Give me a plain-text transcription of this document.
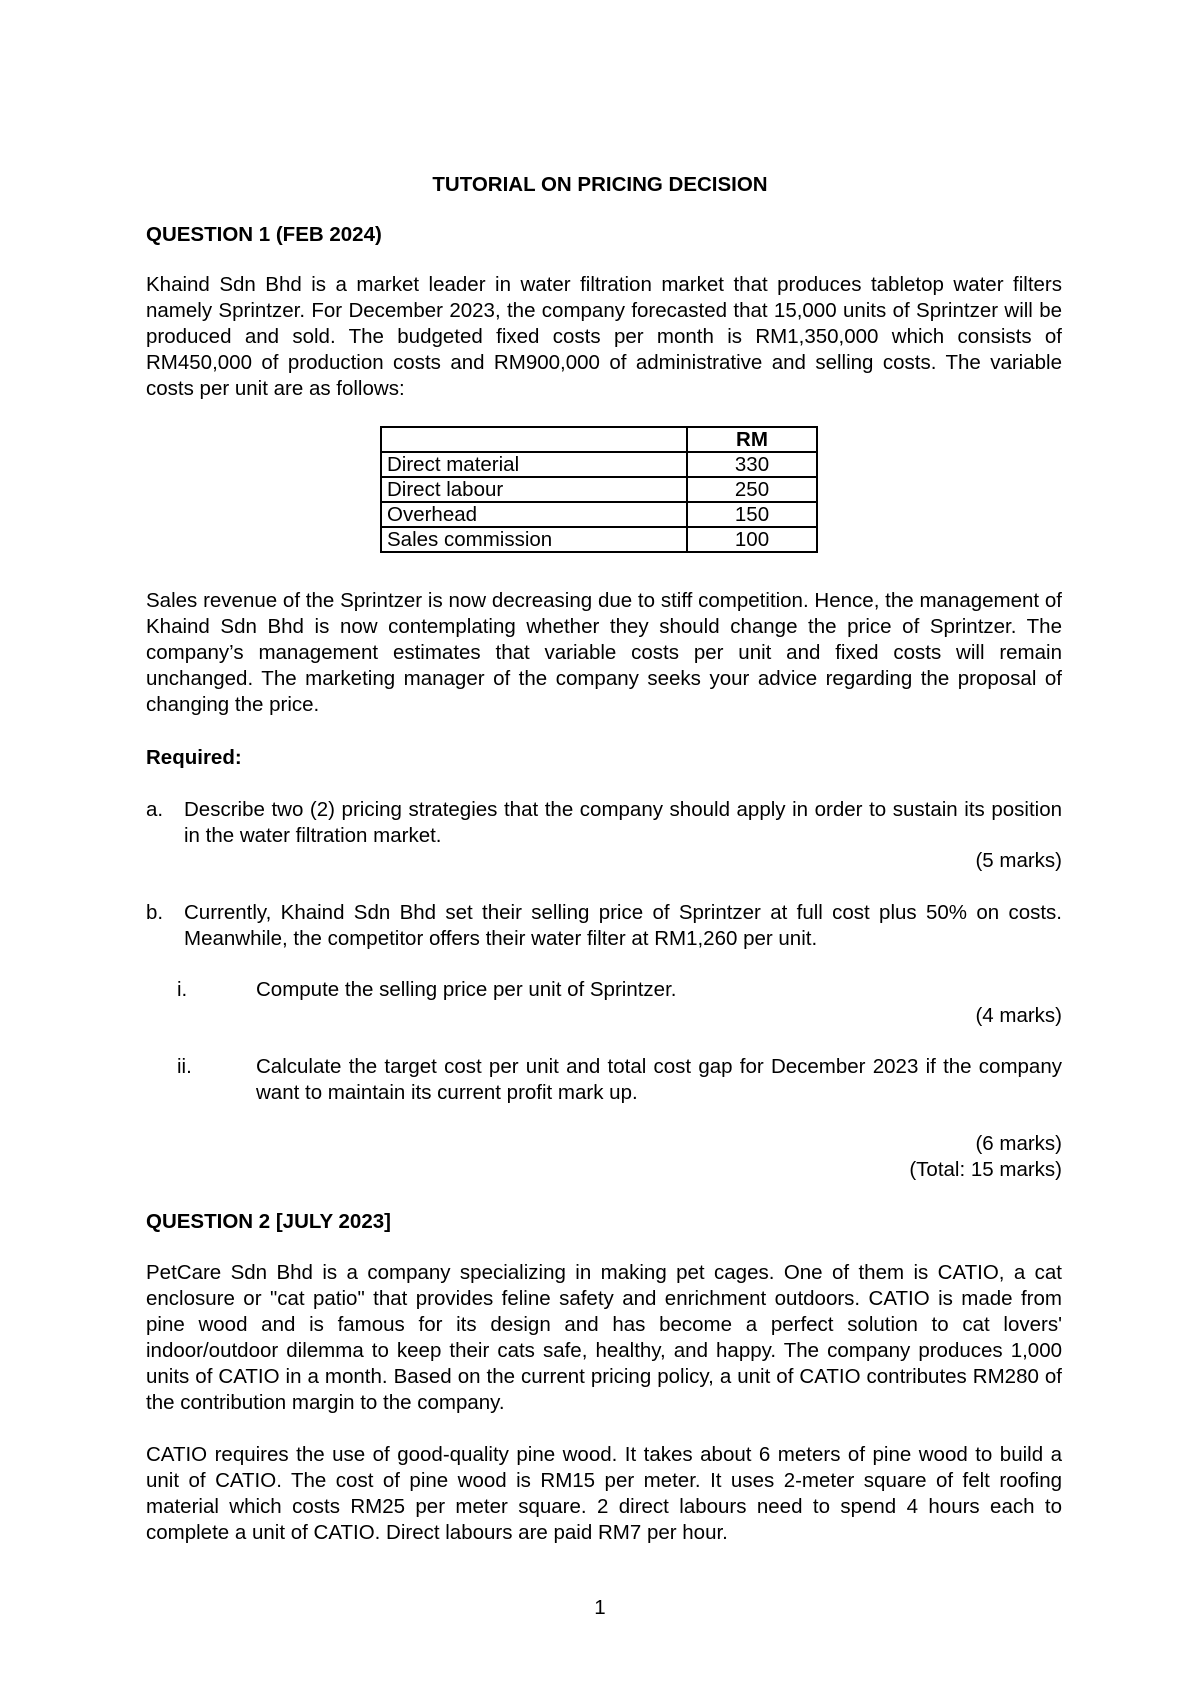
TUTORIAL ON PRICING DECISION
QUESTION 1 (FEB 2024)
Khaind Sdn Bhd is a market leader in water filtration market that produces tabletop water filters namely Sprintzer. For December 2023, the company forecasted that 15,000 units of Sprintzer will be produced and sold. The budgeted fixed costs per month is RM1,350,000 which consists of RM450,000 of production costs and RM900,000 of administrative and selling costs. The variable costs per unit are as follows:
	RM
Direct material	330
Direct labour	250
Overhead	150
Sales commission	100
Sales revenue of the Sprintzer is now decreasing due to stiff competition. Hence, the management of Khaind Sdn Bhd is now contemplating whether they should change the price of Sprintzer. The company’s management estimates that variable costs per unit and fixed costs will remain unchanged. The marketing manager of the company seeks your advice regarding the proposal of changing the price.
Required:
a. Describe two (2) pricing strategies that the company should apply in order to sustain its position in the water filtration market.
(5 marks)
b. Currently, Khaind Sdn Bhd set their selling price of Sprintzer at full cost plus 50% on costs. Meanwhile, the competitor offers their water filter at RM1,260 per unit.
i.	Compute the selling price per unit of Sprintzer.
(4 marks)
ii.	Calculate the target cost per unit and total cost gap for December 2023 if the company want to maintain its current profit mark up.
(6 marks)
(Total: 15 marks)
QUESTION 2 [JULY 2023]
PetCare Sdn Bhd is a company specializing in making pet cages. One of them is CATIO, a cat enclosure or "cat patio" that provides feline safety and enrichment outdoors. CATIO is made from pine wood and is famous for its design and has become a perfect solution to cat lovers' indoor/outdoor dilemma to keep their cats safe, healthy, and happy. The company produces 1,000 units of CATIO in a month. Based on the current pricing policy, a unit of CATIO contributes RM280 of the contribution margin to the company.
CATIO requires the use of good-quality pine wood. It takes about 6 meters of pine wood to build a unit of CATIO. The cost of pine wood is RM15 per meter. It uses 2-meter square of felt roofing material which costs RM25 per meter square. 2 direct labours need to spend 4 hours each to complete a unit of CATIO. Direct labours are paid RM7 per hour.
1
